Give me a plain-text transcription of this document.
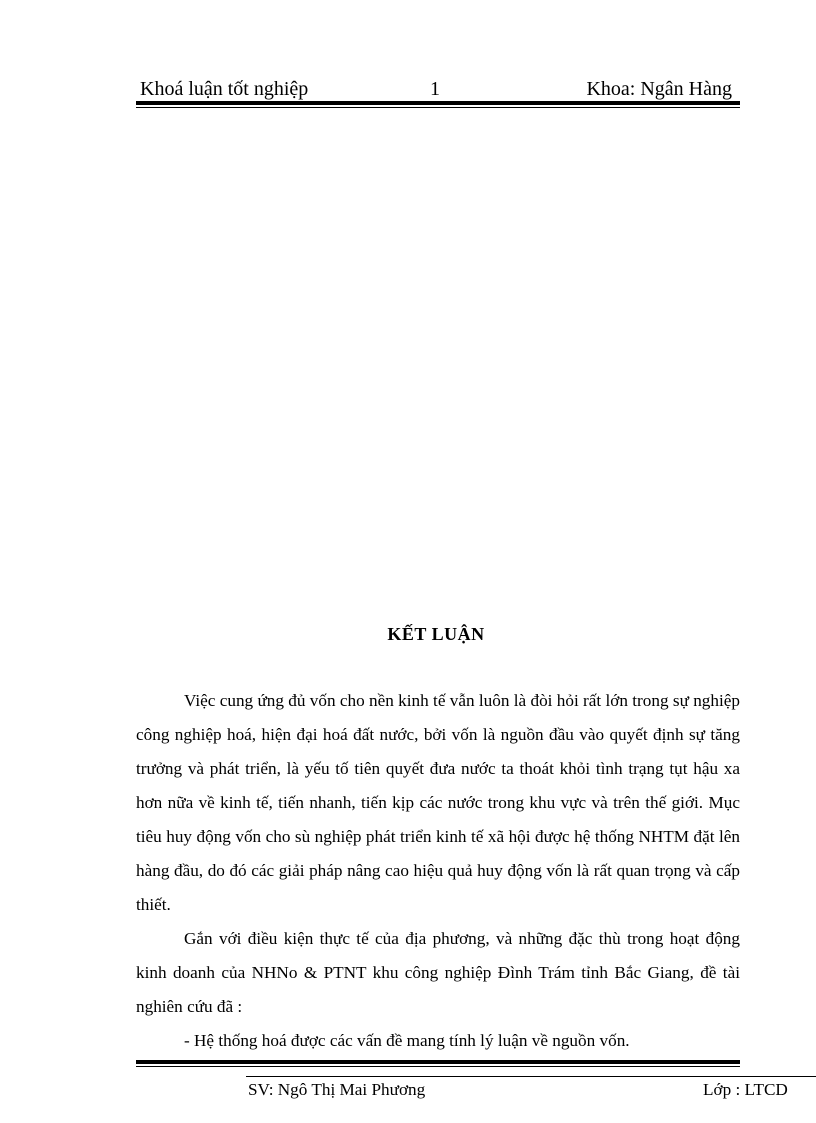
Khoá luận tốt nghiệp	1	Khoa: Ngân Hàng
KẾT LUẬN

Việc cung ứng đủ vốn cho nền kinh tế vẫn luôn là đòi hỏi rất lớn trong sự nghiệp công nghiệp hoá, hiện đại hoá đất nước, bởi vốn là nguồn đầu vào quyết định sự tăng trưởng và phát triển, là yếu tố tiên quyết đưa nước ta thoát khỏi tình trạng tụt hậu xa hơn nữa về kinh tế, tiến nhanh, tiến kịp các nước trong khu vực và trên thế giới. Mục tiêu huy động vốn cho sù nghiệp phát triển kinh tế xã hội được hệ thống NHTM đặt lên hàng đầu, do đó các giải pháp nâng cao hiệu quả huy động vốn là rất quan trọng và cấp thiết.

Gắn với điều kiện thực tế của địa phương, và những đặc thù trong hoạt động kinh doanh của NHNo & PTNT khu công nghiệp Đình Trám tỉnh Bắc Giang, đề tài nghiên cứu đã :

- Hệ thống hoá được các vấn đề mang tính lý luận về nguồn vốn.

SV: Ngô Thị Mai Phương	Lớp : LTCD
